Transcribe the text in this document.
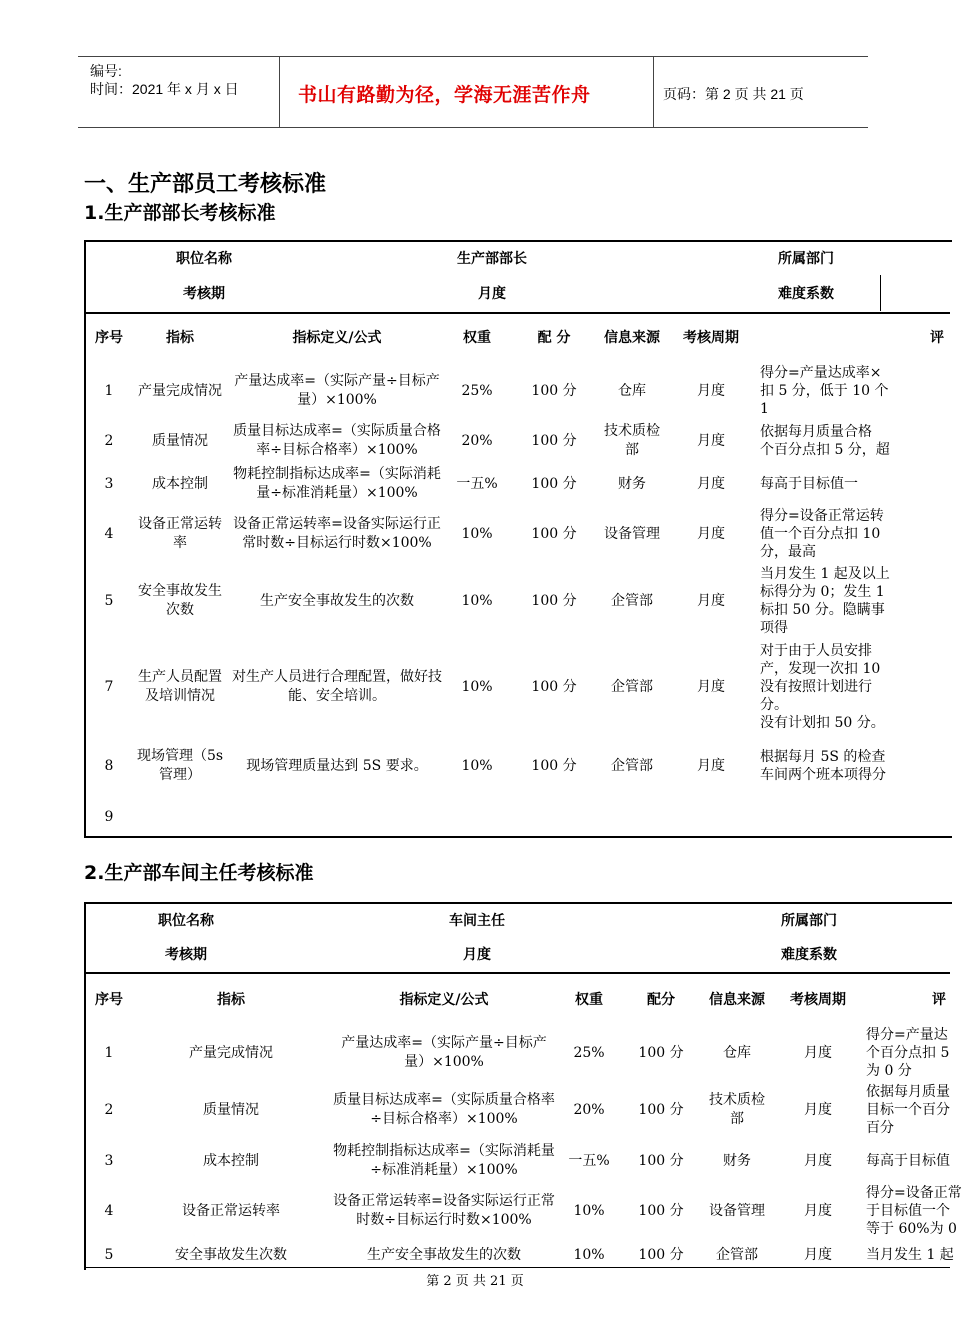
编号:
时间：2021 年 x 月 x 日	书山有路勤为径，学海无涯苦作舟	页码：第 2 页 共 21 页
一、生产部员工考核标准
1.生产部部长考核标准
职位名称	生产部部长	所属部门
考核期	月度	难度系数
序号	指标	指标定义/公式	权重	配 分	信息来源	考核周期	评
1	产量完成情况	产量达成率=（实际产量÷目标产量）×100%	25%	100 分	仓库	月度	得分=产量达成率×
扣 5 分，低于 10 个
1
2	质量情况	质量目标达成率=（实际质量合格率÷目标合格率）×100%	20%	100 分	技术质检部	月度	依据每月质量合格
个百分点扣 5 分，超
3	成本控制	物耗控制指标达成率=（实际消耗量÷标准消耗量）×100%	一五%	100 分	财务	月度	每高于目标值一
4	设备正常运转率	设备正常运转率=设备实际运行正常时数÷目标运行时数×100%	10%	100 分	设备管理	月度	得分=设备正常运转
值一个百分点扣 10
分，最高
5	安全事故发生次数	生产安全事故发生的次数	10%	100 分	企管部	月度	当月发生 1 起及以上
标得分为 0；发生 1
标扣 50 分。隐瞒事
项得
7	生产人员配置及培训情况	对生产人员进行合理配置，做好技能、安全培训。	10%	100 分	企管部	月度	对于由于人员安排
产，发现一次扣 10
没有按照计划进行
分。
没有计划扣 50 分。
8	现场管理（5s 管理）	现场管理质量达到 5S 要求。	10%	100 分	企管部	月度	根据每月 5S 的检查
车间两个班本项得分
9							
2.生产部车间主任考核标准
职位名称	车间主任	所属部门
考核期	月度	难度系数
序号	指标	指标定义/公式	权重	配分	信息来源	考核周期	评
1	产量完成情况	产量达成率=（实际产量÷目标产量）×100%	25%	100 分	仓库	月度	得分=产量达
个百分点扣 5
为 0 分
2	质量情况	质量目标达成率=（实际质量合格率÷目标合格率）×100%	20%	100 分	技术质检部	月度	依据每月质量
目标一个百分
百分
3	成本控制	物耗控制指标达成率=（实际消耗量÷标准消耗量）×100%	一五%	100 分	财务	月度	每高于目标值
4	设备正常运转率	设备正常运转率=设备实际运行正常时数÷目标运行时数×100%	10%	100 分	设备管理	月度	得分=设备正常
于目标值一个
等于 60%为 0
5	安全事故发生次数	生产安全事故发生的次数	10%	100 分	企管部	月度	当月发生 1 起
第 2 页 共 21 页
